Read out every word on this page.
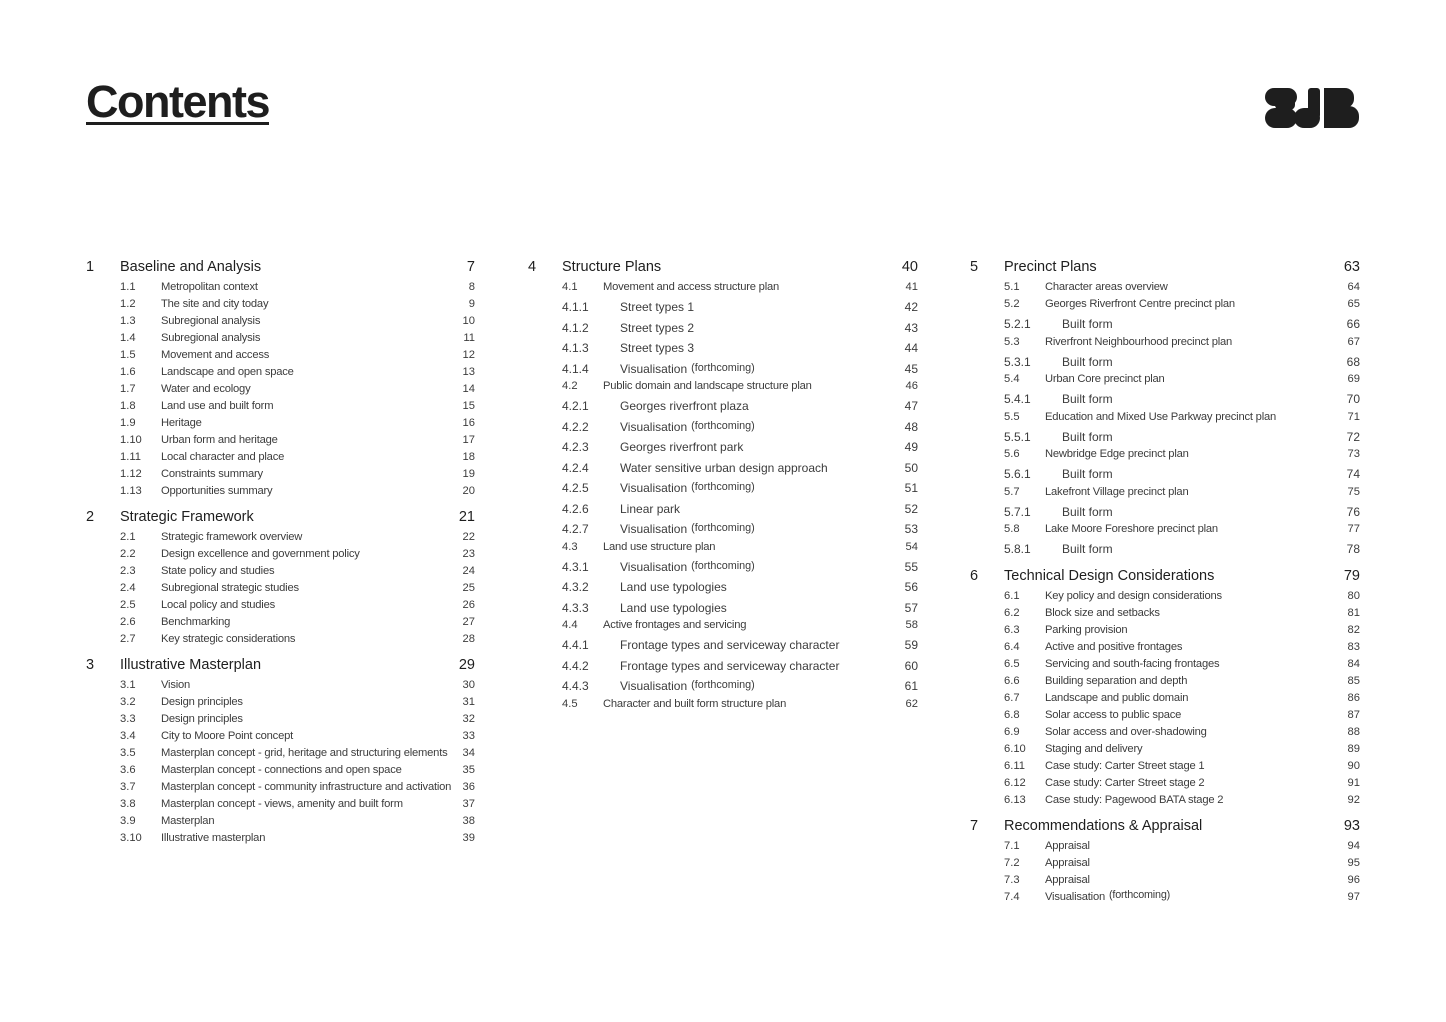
Contents
1 Baseline and Analysis	7
1.1 Metropolitan context	8
1.2 The site and city today	9
1.3 Subregional analysis	10
1.4 Subregional analysis	11
1.5 Movement and access	12
1.6 Landscape and open space	13
1.7 Water and ecology	14
1.8 Land use and built form	15
1.9 Heritage	16
1.10 Urban form and heritage	17
1.11 Local character and place	18
1.12 Constraints summary	19
1.13 Opportunities summary	20
2 Strategic Framework	21
2.1 Strategic framework overview	22
2.2 Design excellence and government policy	23
2.3 State policy and studies	24
2.4 Subregional strategic studies	25
2.5 Local policy and studies	26
2.6 Benchmarking	27
2.7 Key strategic considerations	28
3 Illustrative Masterplan	29
3.1 Vision	30
3.2 Design principles	31
3.3 Design principles	32
3.4 City to Moore Point concept	33
3.5 Masterplan concept - grid, heritage and structuring elements 34
3.6 Masterplan concept - connections and open space	35
3.7 Masterplan concept - community infrastructure and activation 36
3.8 Masterplan concept - views, amenity and built form	37
3.9 Masterplan	38
3.10 Illustrative masterplan	39
4 Structure Plans	40
4.1 Movement and access structure plan	41
4.1.1	Street types 1	42
4.1.2	Street types 2	43
4.1.3	Street types 3	44
4.1.4	Visualisation (forthcoming)	45
4.2 Public domain and landscape structure plan	46
4.2.1	Georges riverfront plaza	47
4.2.2	Visualisation (forthcoming)	48
4.2.3	Georges riverfront park	49
4.2.4	Water sensitive urban design approach	50
4.2.5	Visualisation (forthcoming)	51
4.2.6	Linear park	52
4.2.7	Visualisation (forthcoming)	53
4.3 Land use structure plan	54
4.3.1	Visualisation (forthcoming)	55
4.3.2	Land use typologies	56
4.3.3	Land use typologies	57
4.4 Active frontages and servicing	58
4.4.1	Frontage types and serviceway character	59
4.4.2	Frontage types and serviceway character	60
4.4.3	Visualisation (forthcoming)	61
4.5 Character and built form structure plan	62
5 Precinct Plans	63
5.1 Character areas overview	64
5.2 Georges Riverfront Centre precinct plan	65
5.2.1	Built form	66
5.3 Riverfront Neighbourhood precinct plan	67
5.3.1	Built form	68
5.4 Urban Core precinct plan	69
5.4.1	Built form	70
5.5 Education and Mixed Use Parkway precinct plan	71
5.5.1	Built form	72
5.6 Newbridge Edge precinct plan	73
5.6.1	Built form	74
5.7 Lakefront Village precinct plan	75
5.7.1	Built form	76
5.8 Lake Moore Foreshore precinct plan	77
5.8.1	Built form	78
6 Technical Design Considerations	79
6.1 Key policy and design considerations	80
6.2 Block size and setbacks	81
6.3 Parking provision	82
6.4 Active and positive frontages	83
6.5 Servicing and south-facing frontages	84
6.6 Building separation and depth	85
6.7 Landscape and public domain	86
6.8 Solar access to public space	87
6.9 Solar access and over-shadowing	88
6.10 Staging and delivery	89
6.11 Case study: Carter Street stage 1	90
6.12 Case study: Carter Street stage 2	91
6.13 Case study: Pagewood BATA stage 2	92
7 Recommendations & Appraisal	93
7.1 Appraisal	94
7.2 Appraisal	95
7.3 Appraisal	96
7.4 Visualisation (forthcoming)	97
